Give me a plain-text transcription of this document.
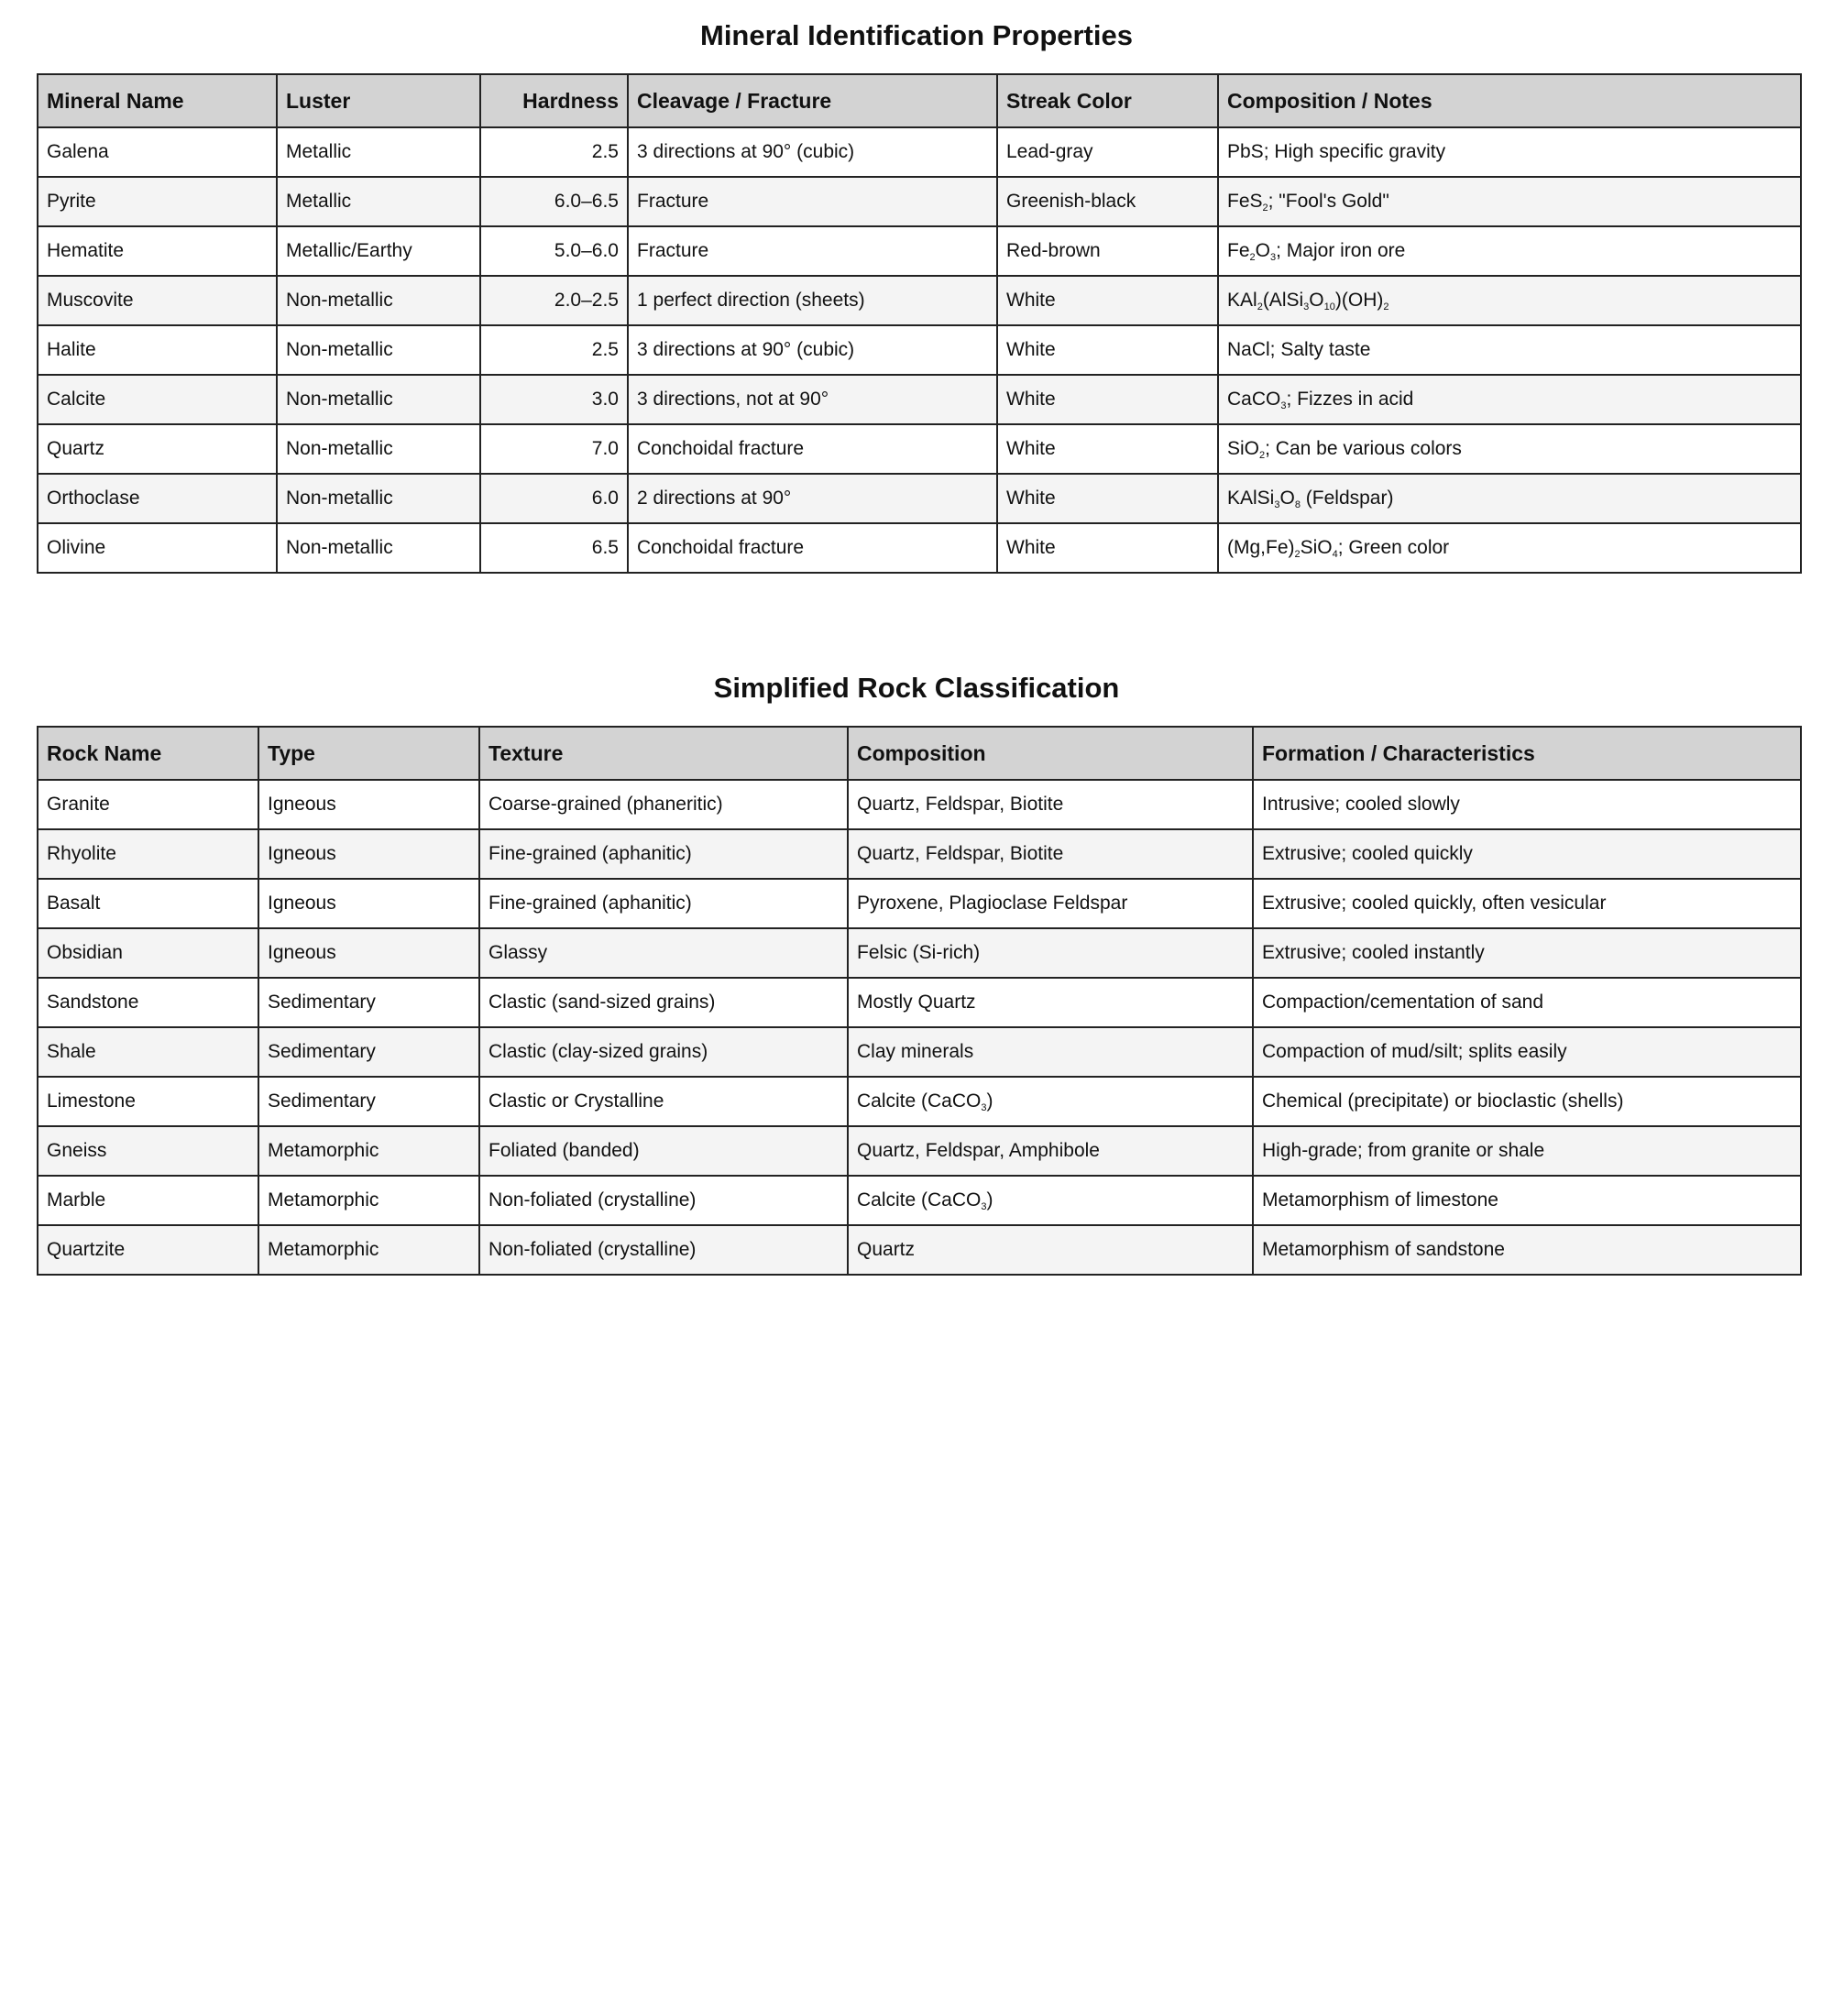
Mineral Identification Properties
Mineral Name	Luster	Hardness	Cleavage / Fracture	Streak Color	Composition / Notes
Galena	Metallic	2.5	3 directions at 90° (cubic)	Lead-gray	PbS; High specific gravity
Pyrite	Metallic	6.0–6.5	Fracture	Greenish-black	FeS$_2$; "Fool's Gold"
Hematite	Metallic/Earthy	5.0–6.0	Fracture	Red-brown	$Fe_2O_3$; Major iron ore
Muscovite	Non-metallic	2.0–2.5	1 perfect direction (sheets)	White	$KAl_2(AlSi_3O_{10})(OH)_2$
Halite	Non-metallic	2.5	3 directions at 90° (cubic)	White	NaCl; Salty taste
Calcite	Non-metallic	3.0	3 directions, not at 90°	White	CaCO$_3$; Fizzes in acid
Quartz	Non-metallic	7.0	Conchoidal fracture	White	SiO$_2$; Can be various colors
Orthoclase	Non-metallic	6.0	2 directions at 90°	White	$KAlSi_3O_8$ (Feldspar)
Olivine	Non-metallic	6.5	Conchoidal fracture	White	$(Mg,Fe)_2SiO_4$; Green color
Simplified Rock Classification
Rock Name	Type	Texture	Composition	Formation / Characteristics
Granite	Igneous	Coarse-grained (phaneritic)	Quartz, Feldspar, Biotite	Intrusive; cooled slowly
Rhyolite	Igneous	Fine-grained (aphanitic)	Quartz, Feldspar, Biotite	Extrusive; cooled quickly
Basalt	Igneous	Fine-grained (aphanitic)	Pyroxene, Plagioclase Feldspar	Extrusive; cooled quickly, often vesicular
Obsidian	Igneous	Glassy	Felsic (Si-rich)	Extrusive; cooled instantly
Sandstone	Sedimentary	Clastic (sand-sized grains)	Mostly Quartz	Compaction/cementation of sand
Shale	Sedimentary	Clastic (clay-sized grains)	Clay minerals	Compaction of mud/silt; splits easily
Limestone	Sedimentary	Clastic or Crystalline	Calcite (CaCO$_3$)	Chemical (precipitate) or bioclastic (shells)
Gneiss	Metamorphic	Foliated (banded)	Quartz, Feldspar, Amphibole	High-grade; from granite or shale
Marble	Metamorphic	Non-foliated (crystalline)	Calcite (CaCO$_3$)	Metamorphism of limestone
Quartzite	Metamorphic	Non-foliated (crystalline)	Quartz	Metamorphism of sandstone
